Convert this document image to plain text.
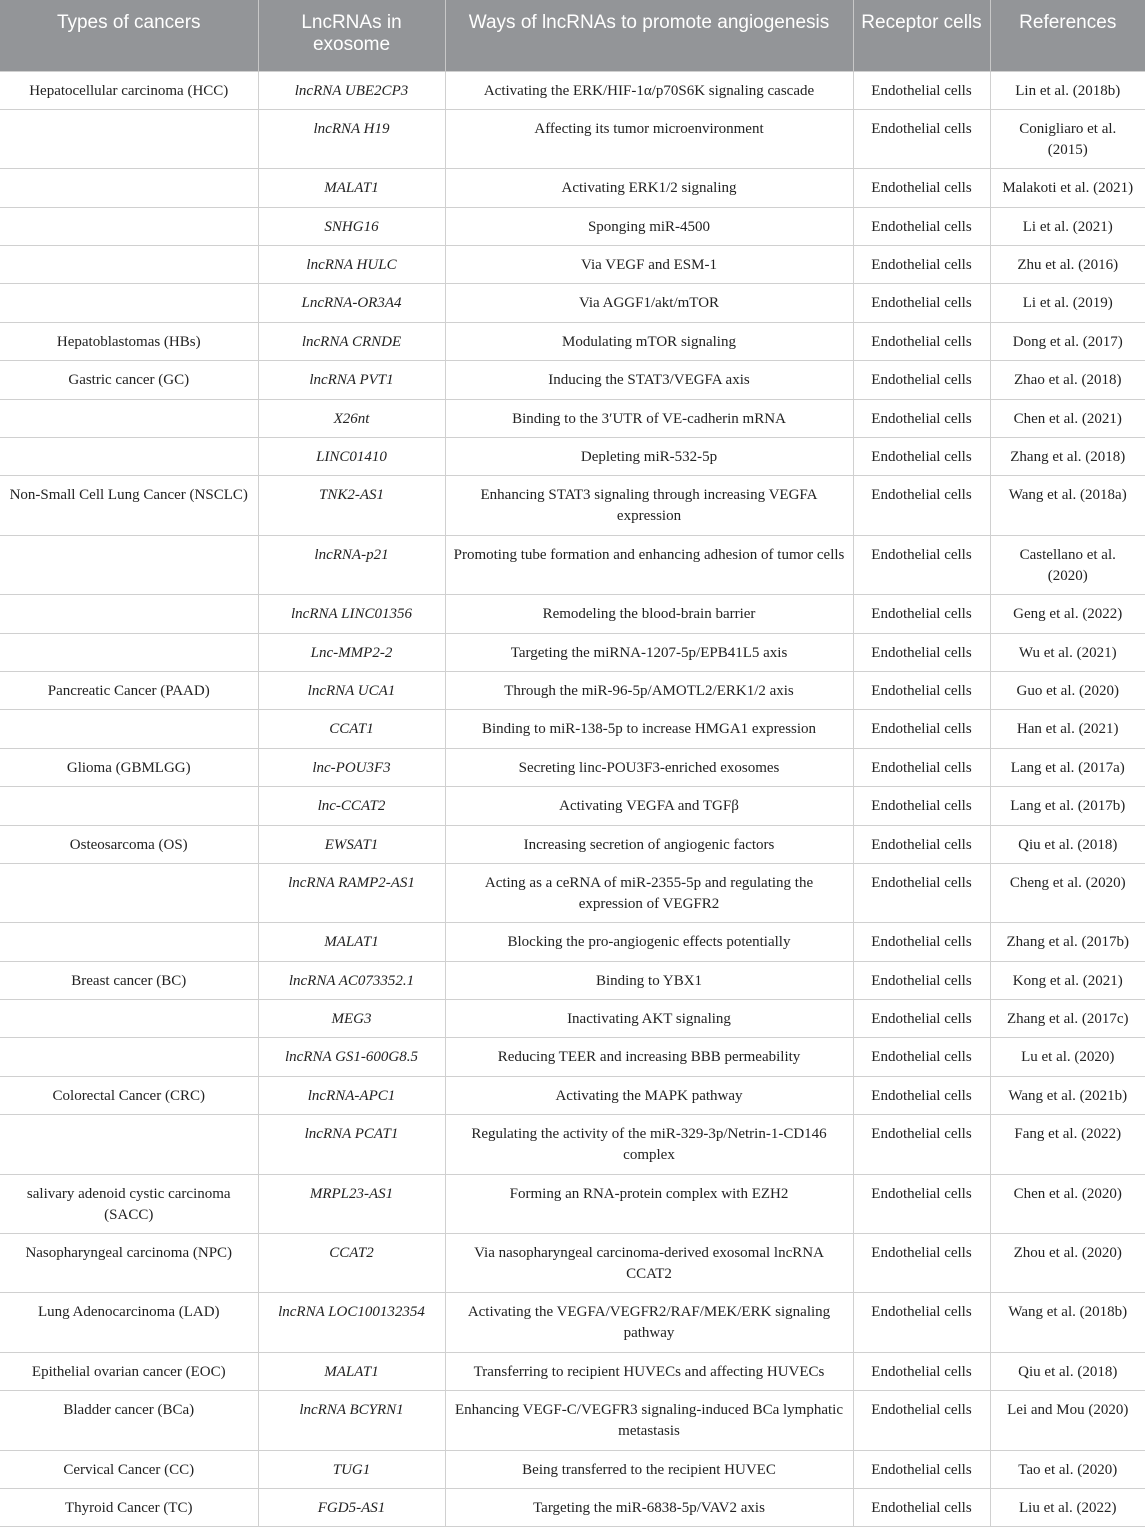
Types of cancers	LncRNAs in exosome	Ways of lncRNAs to promote angiogenesis	Receptor cells	References
Hepatocellular carcinoma (HCC)	lncRNA UBE2CP3	Activating the ERK/HIF-1α/p70S6K signaling cascade	Endothelial cells	Lin et al. (2018b)
	lncRNA H19	Affecting its tumor microenvironment	Endothelial cells	Conigliaro et al. (2015)
	MALAT1	Activating ERK1/2 signaling	Endothelial cells	Malakoti et al. (2021)
	SNHG16	Sponging miR-4500	Endothelial cells	Li et al. (2021)
	lncRNA HULC	Via VEGF and ESM-1	Endothelial cells	Zhu et al. (2016)
	LncRNA-OR3A4	Via AGGF1/akt/mTOR	Endothelial cells	Li et al. (2019)
Hepatoblastomas (HBs)	lncRNA CRNDE	Modulating mTOR signaling	Endothelial cells	Dong et al. (2017)
Gastric cancer (GC)	lncRNA PVT1	Inducing the STAT3/VEGFA axis	Endothelial cells	Zhao et al. (2018)
	X26nt	Binding to the 3′UTR of VE-cadherin mRNA	Endothelial cells	Chen et al. (2021)
	LINC01410	Depleting miR-532-5p	Endothelial cells	Zhang et al. (2018)
Non-Small Cell Lung Cancer (NSCLC)	TNK2-AS1	Enhancing STAT3 signaling through increasing VEGFA expression	Endothelial cells	Wang et al. (2018a)
	lncRNA-p21	Promoting tube formation and enhancing adhesion of tumor cells	Endothelial cells	Castellano et al. (2020)
	lncRNA LINC01356	Remodeling the blood-brain barrier	Endothelial cells	Geng et al. (2022)
	Lnc-MMP2-2	Targeting the miRNA-1207-5p/EPB41L5 axis	Endothelial cells	Wu et al. (2021)
Pancreatic Cancer (PAAD)	lncRNA UCA1	Through the miR-96-5p/AMOTL2/ERK1/2 axis	Endothelial cells	Guo et al. (2020)
	CCAT1	Binding to miR-138-5p to increase HMGA1 expression	Endothelial cells	Han et al. (2021)
Glioma (GBMLGG)	lnc-POU3F3	Secreting linc-POU3F3-enriched exosomes	Endothelial cells	Lang et al. (2017a)
	lnc-CCAT2	Activating VEGFA and TGFβ	Endothelial cells	Lang et al. (2017b)
Osteosarcoma (OS)	EWSAT1	Increasing secretion of angiogenic factors	Endothelial cells	Qiu et al. (2018)
	lncRNA RAMP2-AS1	Acting as a ceRNA of miR-2355-5p and regulating the expression of VEGFR2	Endothelial cells	Cheng et al. (2020)
	MALAT1	Blocking the pro-angiogenic effects potentially	Endothelial cells	Zhang et al. (2017b)
Breast cancer (BC)	lncRNA AC073352.1	Binding to YBX1	Endothelial cells	Kong et al. (2021)
	MEG3	Inactivating AKT signaling	Endothelial cells	Zhang et al. (2017c)
	lncRNA GS1-600G8.5	Reducing TEER and increasing BBB permeability	Endothelial cells	Lu et al. (2020)
Colorectal Cancer (CRC)	lncRNA-APC1	Activating the MAPK pathway	Endothelial cells	Wang et al. (2021b)
	lncRNA PCAT1	Regulating the activity of the miR-329-3p/Netrin-1-CD146 complex	Endothelial cells	Fang et al. (2022)
salivary adenoid cystic carcinoma (SACC)	MRPL23-AS1	Forming an RNA-protein complex with EZH2	Endothelial cells	Chen et al. (2020)
Nasopharyngeal carcinoma (NPC)	CCAT2	Via nasopharyngeal carcinoma-derived exosomal lncRNA CCAT2	Endothelial cells	Zhou et al. (2020)
Lung Adenocarcinoma (LAD)	lncRNA LOC100132354	Activating the VEGFA/VEGFR2/RAF/MEK/ERK signaling pathway	Endothelial cells	Wang et al. (2018b)
Epithelial ovarian cancer (EOC)	MALAT1	Transferring to recipient HUVECs and affecting HUVECs	Endothelial cells	Qiu et al. (2018)
Bladder cancer (BCa)	lncRNA BCYRN1	Enhancing VEGF-C/VEGFR3 signaling-induced BCa lymphatic metastasis	Endothelial cells	Lei and Mou (2020)
Cervical Cancer (CC)	TUG1	Being transferred to the recipient HUVEC	Endothelial cells	Tao et al. (2020)
Thyroid Cancer (TC)	FGD5-AS1	Targeting the miR-6838-5p/VAV2 axis	Endothelial cells	Liu et al. (2022)
